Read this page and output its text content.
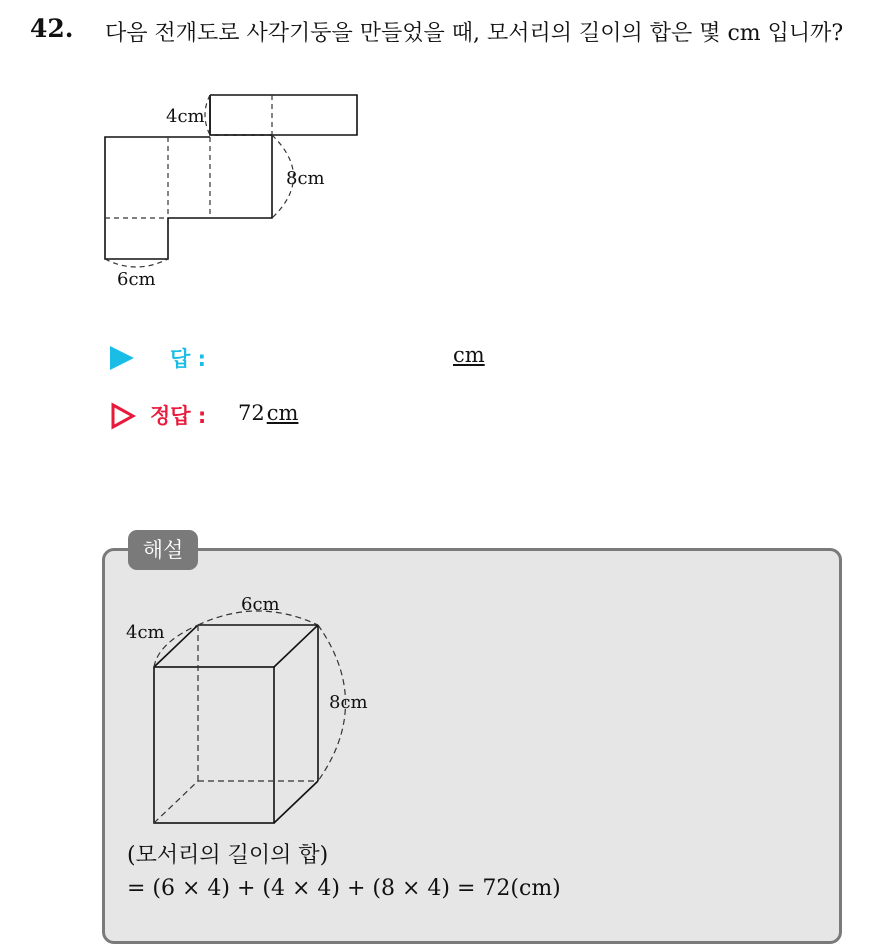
42. 다음 전개도로 사각기둥을 만들었을 때, 모서리의 길이의 합은 몇 cm 입니까?
4cm
8cm
6cm
답 :	cm
정답 : 72cm
해설
4cm
6cm
8cm
(모서리의 길이의 합)
= (6 × 4) + (4 × 4) + (8 × 4) = 72(cm)
